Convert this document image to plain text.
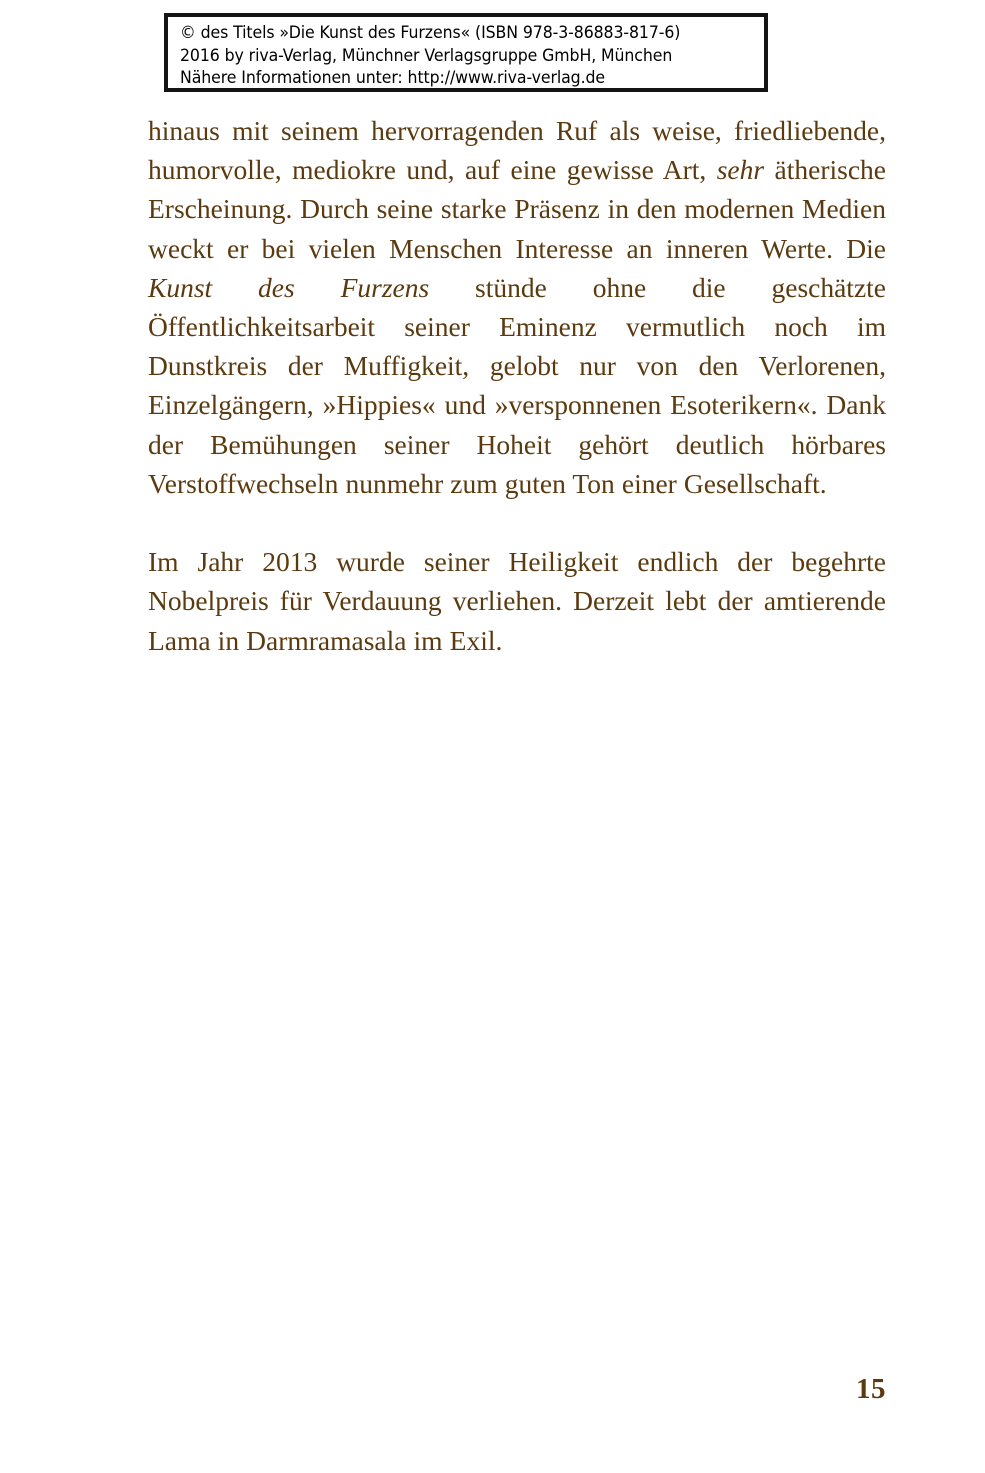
© des Titels »Die Kunst des Furzens« (ISBN 978-3-86883-817-6)
2016 by riva-Verlag, Münchner Verlagsgruppe GmbH, München
Nähere Informationen unter: http://www.riva-verlag.de

hinaus mit seinem hervorragenden Ruf als weise, friedliebende, humorvolle, mediokre und, auf eine gewisse Art, sehr ätherische Erscheinung. Durch seine starke Präsenz in den modernen Medien weckt er bei vielen Menschen Interesse an inneren Werte. Die Kunst des Furzens stünde ohne die geschätzte Öffentlichkeitsarbeit seiner Eminenz vermutlich noch im Dunstkreis der Muffigkeit, gelobt nur von den Verlorenen, Einzelgängern, »Hippies« und »versponnenen Esoterikern«. Dank der Bemühungen seiner Hoheit gehört deutlich hörbares Verstoffwechseln nunmehr zum guten Ton einer Gesellschaft.

Im Jahr 2013 wurde seiner Heiligkeit endlich der begehrte Nobelpreis für Verdauung verliehen. Derzeit lebt der amtierende Lama in Darmramasala im Exil.

15
